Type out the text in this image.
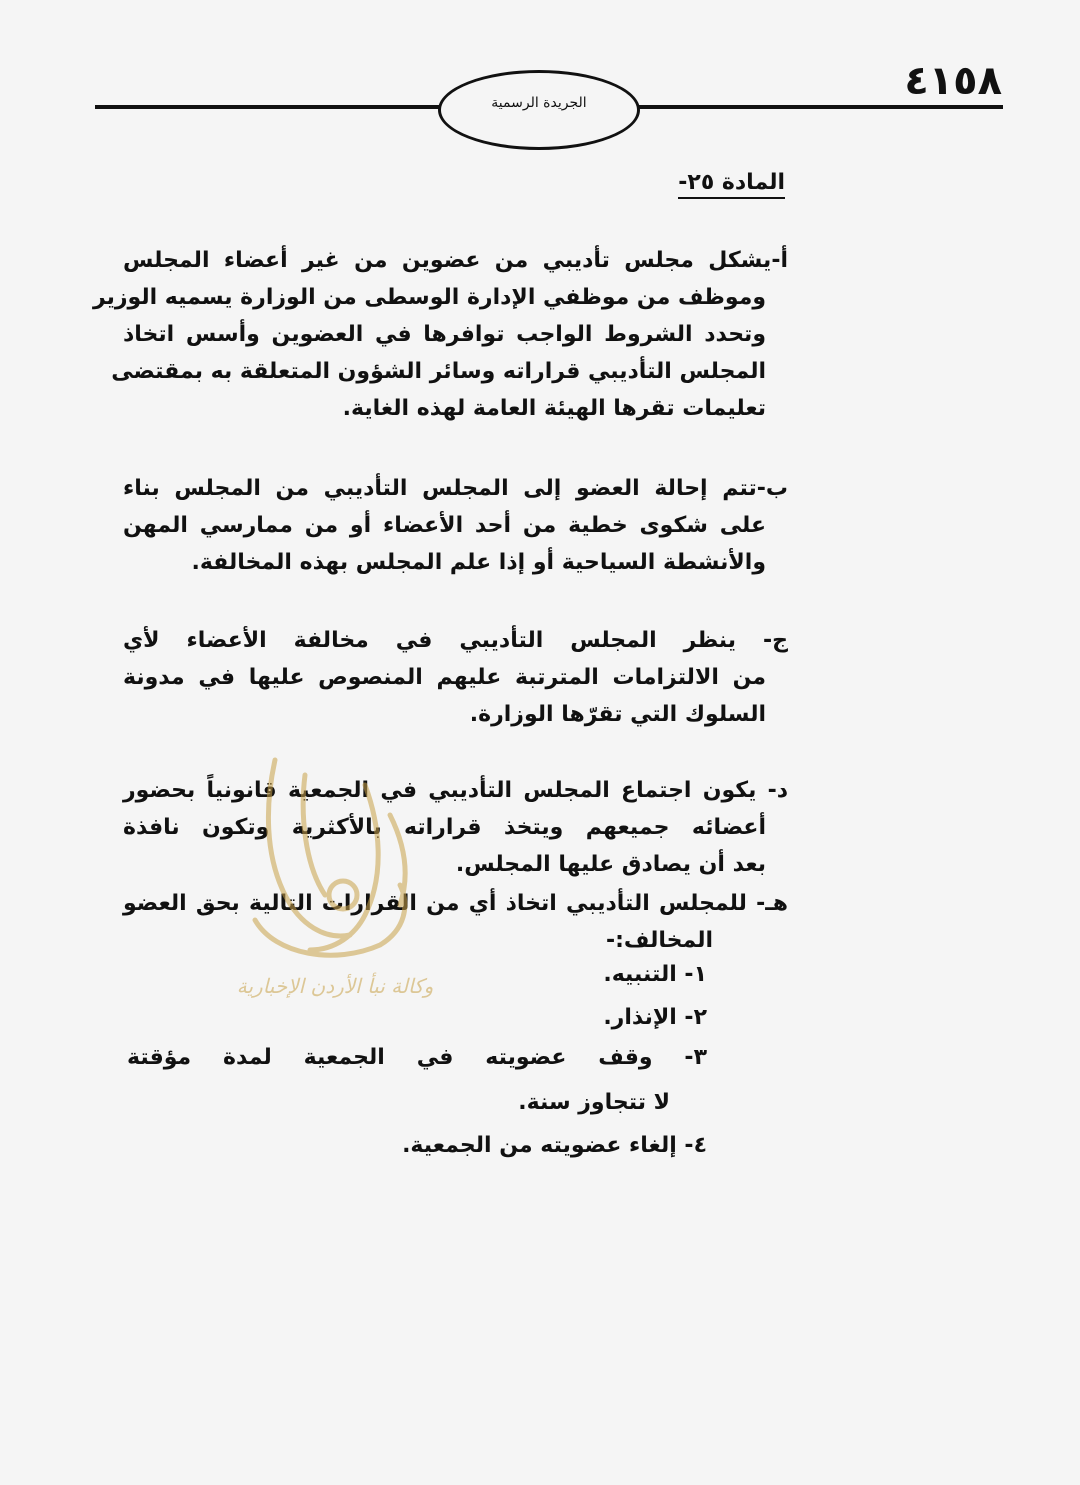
٤١٥٨
الجريدة الرسمية
المادة ٢٥-
أ-يشكل مجلس تأديبي من عضوين من غير أعضاء المجلس
وموظف من موظفي الإدارة الوسطى من الوزارة يسميه الوزير
وتحدد الشروط الواجب توافرها في العضوين وأسس اتخاذ
المجلس التأديبي قراراته وسائر الشؤون المتعلقة به بمقتضى
تعليمات تقرها الهيئة العامة لهذه الغاية.
ب-تتم إحالة العضو إلى المجلس التأديبي من المجلس بناء
على شكوى خطية من أحد الأعضاء أو من ممارسي المهن
والأنشطة السياحية أو إذا علم المجلس بهذه المخالفة.
ج- ينظر المجلس التأديبي في مخالفة الأعضاء لأي
من الالتزامات المترتبة عليهم المنصوص عليها في مدونة
السلوك التي تقرّها الوزارة.
د- يكون اجتماع المجلس التأديبي في الجمعية قانونياً بحضور
أعضائه جميعهم ويتخذ قراراته بالأكثرية وتكون نافذة
بعد أن يصادق عليها المجلس.
هـ- للمجلس التأديبي اتخاذ أي من القرارات التالية بحق العضو
المخالف:-
١- التنبيه.
٢- الإنذار.
٣- وقف عضويته في الجمعية لمدة مؤقتة
لا تتجاوز سنة.
٤- إلغاء عضويته من الجمعية.
وكالة نبأ الأردن الإخبارية
